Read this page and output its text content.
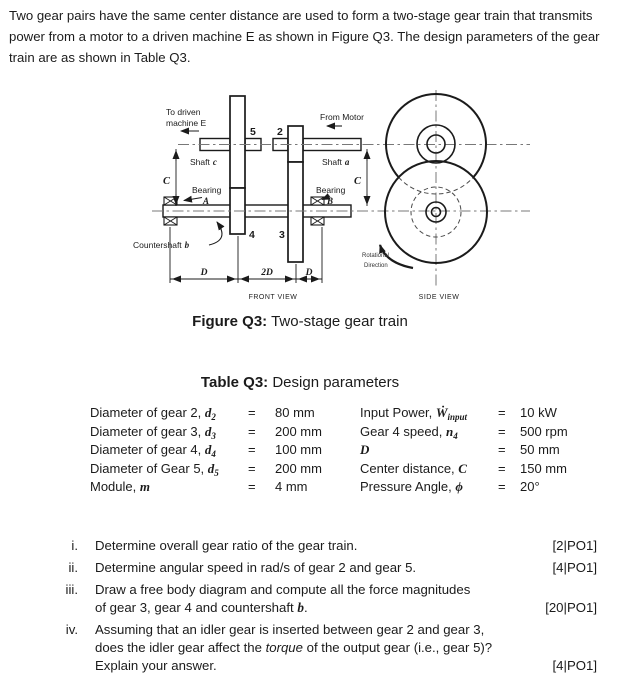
Two gear pairs have the same center distance are used to form a two-stage gear train that transmits
power from a motor to a driven machine E as shown in Figure Q3. The design parameters of the gear
train are as shown in Table Q3.
To driven
machine E
From Motor
Shaft c	Shaft a
Bearing
A
Bearing
B
5 2
4 3
C	C
Countershaft b
D	2D	D
FRONT VIEW	SIDE VIEW
Rotational
Direction
Figure Q3: Two-stage gear train
Table Q3: Design parameters
Diameter of gear 2, $d_2$	=	80 mm
Diameter of gear 3, $d_3$	=	200 mm
Diameter of gear 4, $d_4$	=	100 mm
Diameter of Gear 5, $d_5$	=	200 mm
Module, m	=	4 mm
Input Power, Ẇ$_{input}$	=	10 kW
Gear 4 speed, $n_4$	=	500 rpm
D	=	50 mm
Center distance, C	=	150 mm
Pressure Angle, ϕ	=	20°
i. Determine overall gear ratio of the gear train.	[2|PO1]
ii. Determine angular speed in rad/s of gear 2 and gear 5.	[4|PO1]
iii. Draw a free body diagram and compute all the force magnitudes
of gear 3, gear 4 and countershaft b.	[20|PO1]
iv. Assuming that an idler gear is inserted between gear 2 and gear 3,
does the idler gear affect the torque of the output gear (i.e., gear 5)?
Explain your answer.	[4|PO1]
